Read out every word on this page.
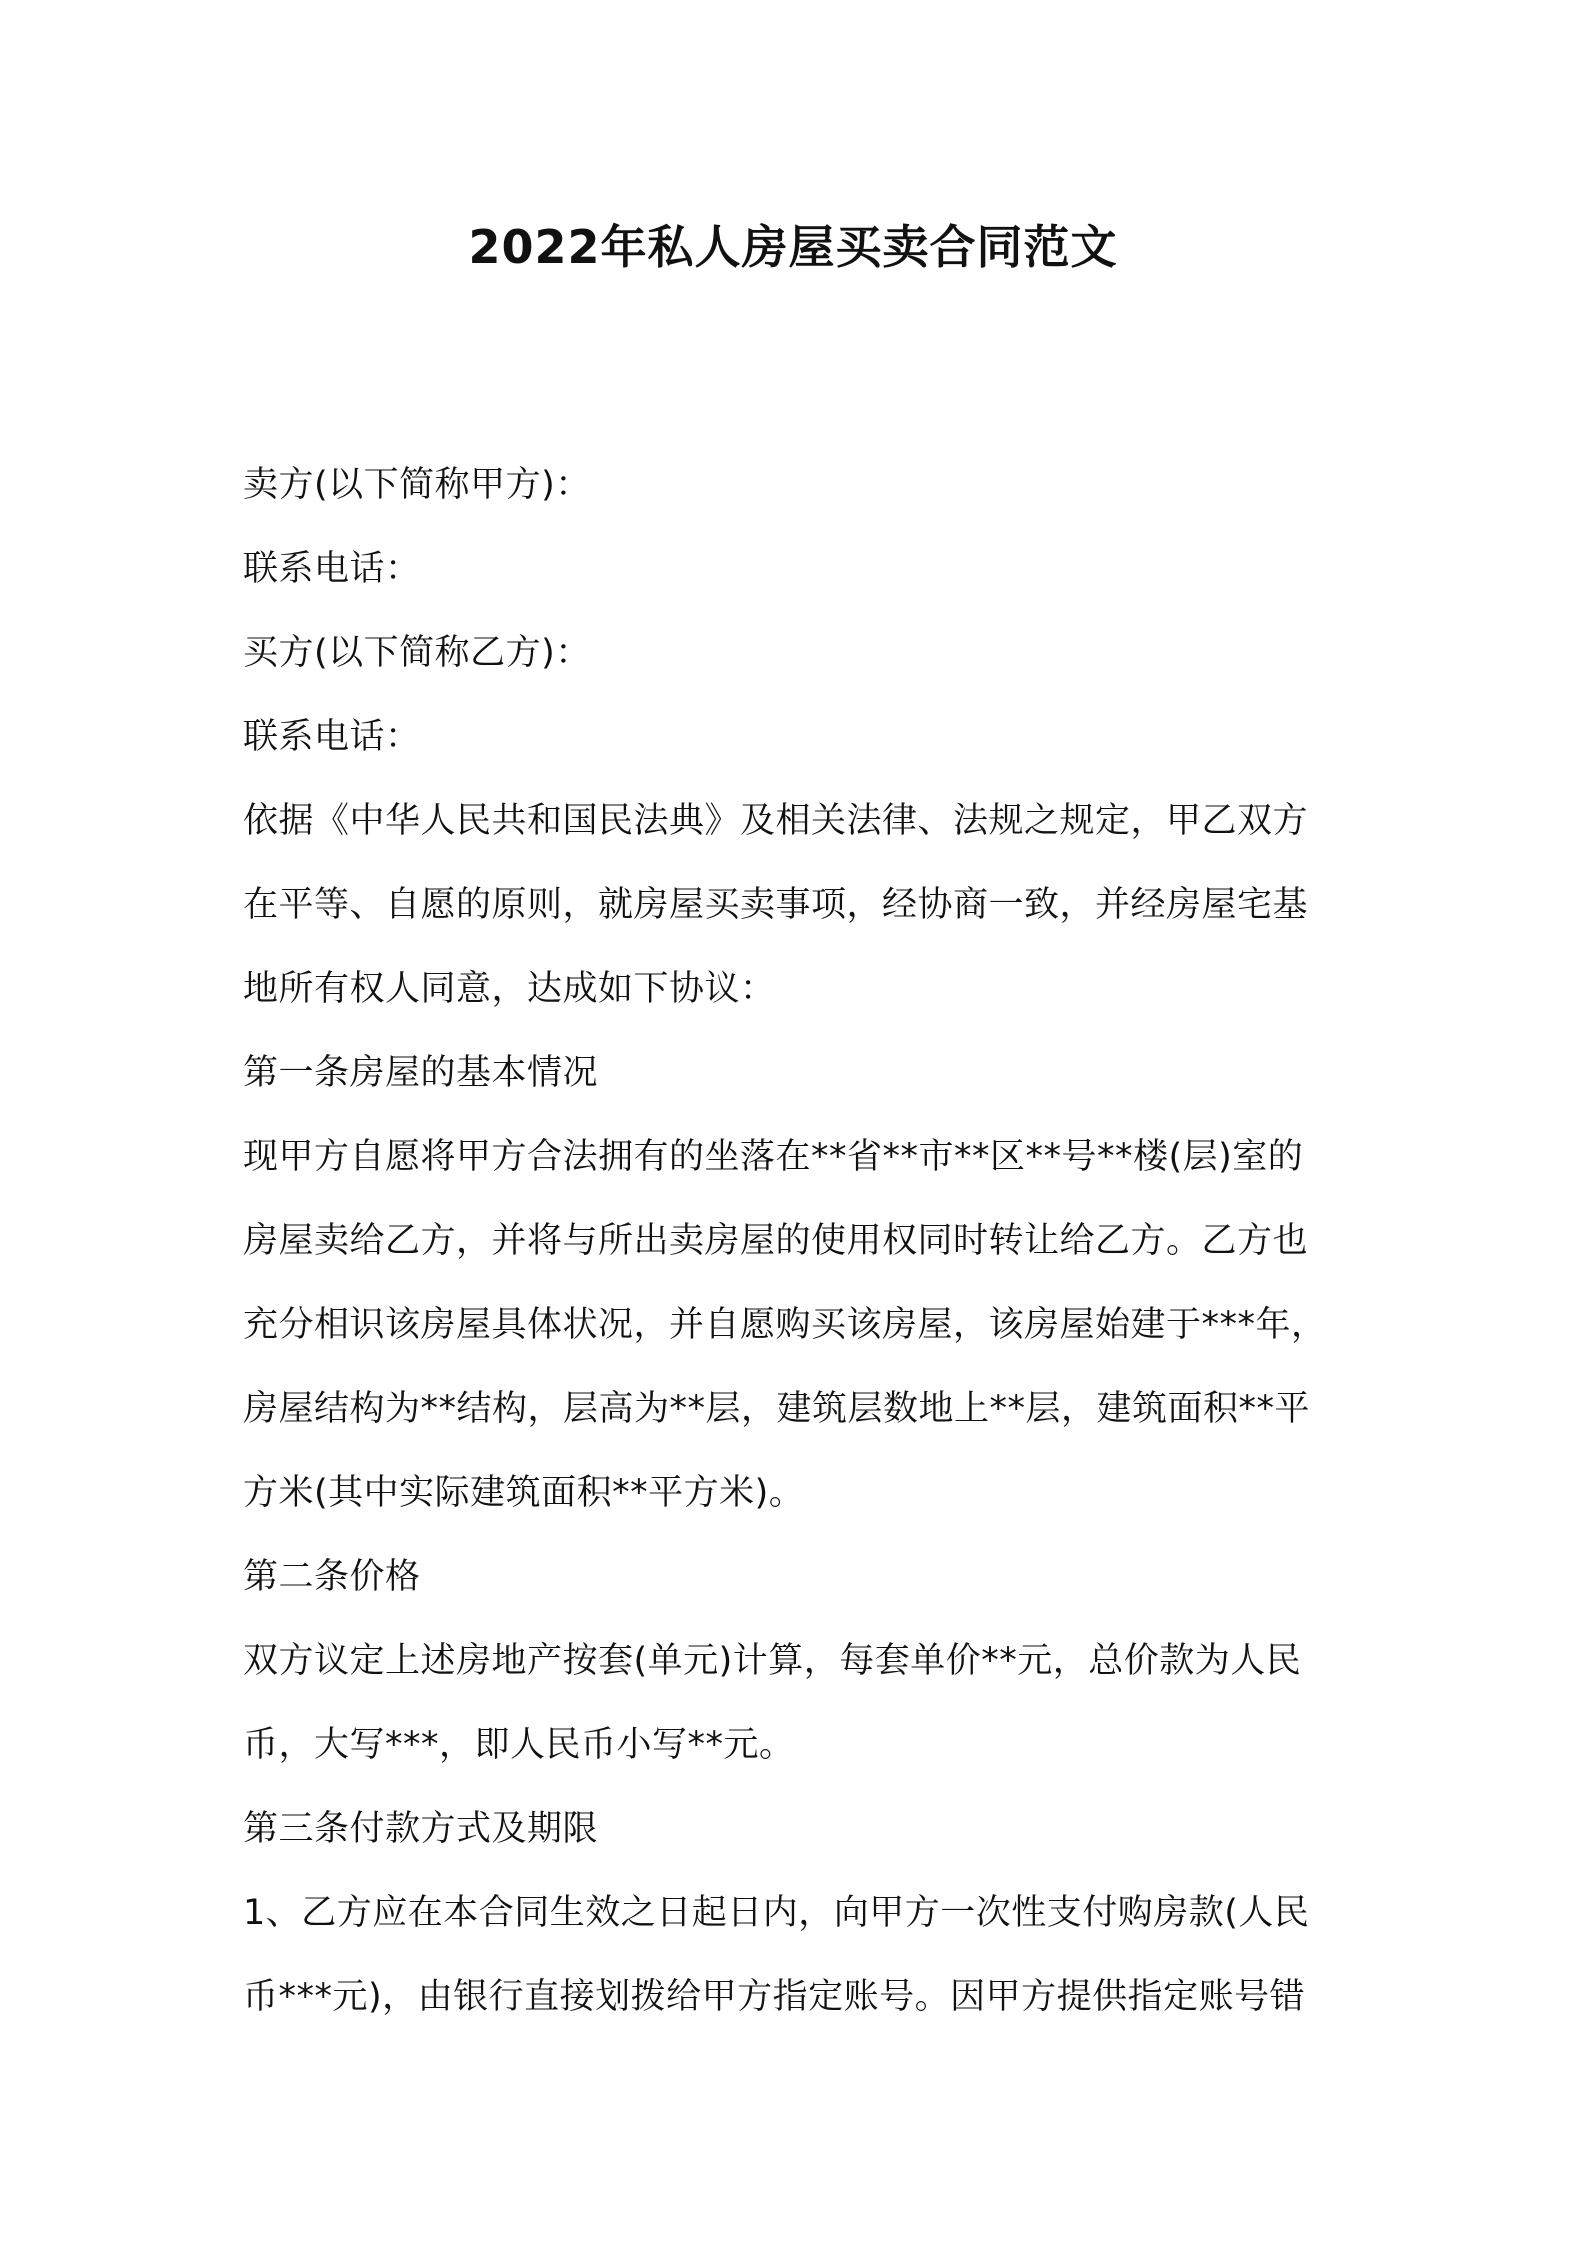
2022年私人房屋买卖合同范文
卖方(以下简称甲方)：
联系电话：
买方(以下简称乙方)：
联系电话：
依据《中华人民共和国民法典》及相关法律、法规之规定，甲乙双方
在平等、自愿的原则，就房屋买卖事项，经协商一致，并经房屋宅基
地所有权人同意，达成如下协议：
第一条房屋的基本情况
现甲方自愿将甲方合法拥有的坐落在**省**市**区**号**楼(层)室的
房屋卖给乙方，并将与所出卖房屋的使用权同时转让给乙方。乙方也
充分相识该房屋具体状况，并自愿购买该房屋，该房屋始建于***年，
房屋结构为**结构，层高为**层，建筑层数地上**层，建筑面积**平
方米(其中实际建筑面积**平方米)。
第二条价格
双方议定上述房地产按套(单元)计算，每套单价**元，总价款为人民
币，大写***，即人民币小写**元。
第三条付款方式及期限
1、乙方应在本合同生效之日起日内，向甲方一次性支付购房款(人民
币***元)，由银行直接划拨给甲方指定账号。因甲方提供指定账号错
